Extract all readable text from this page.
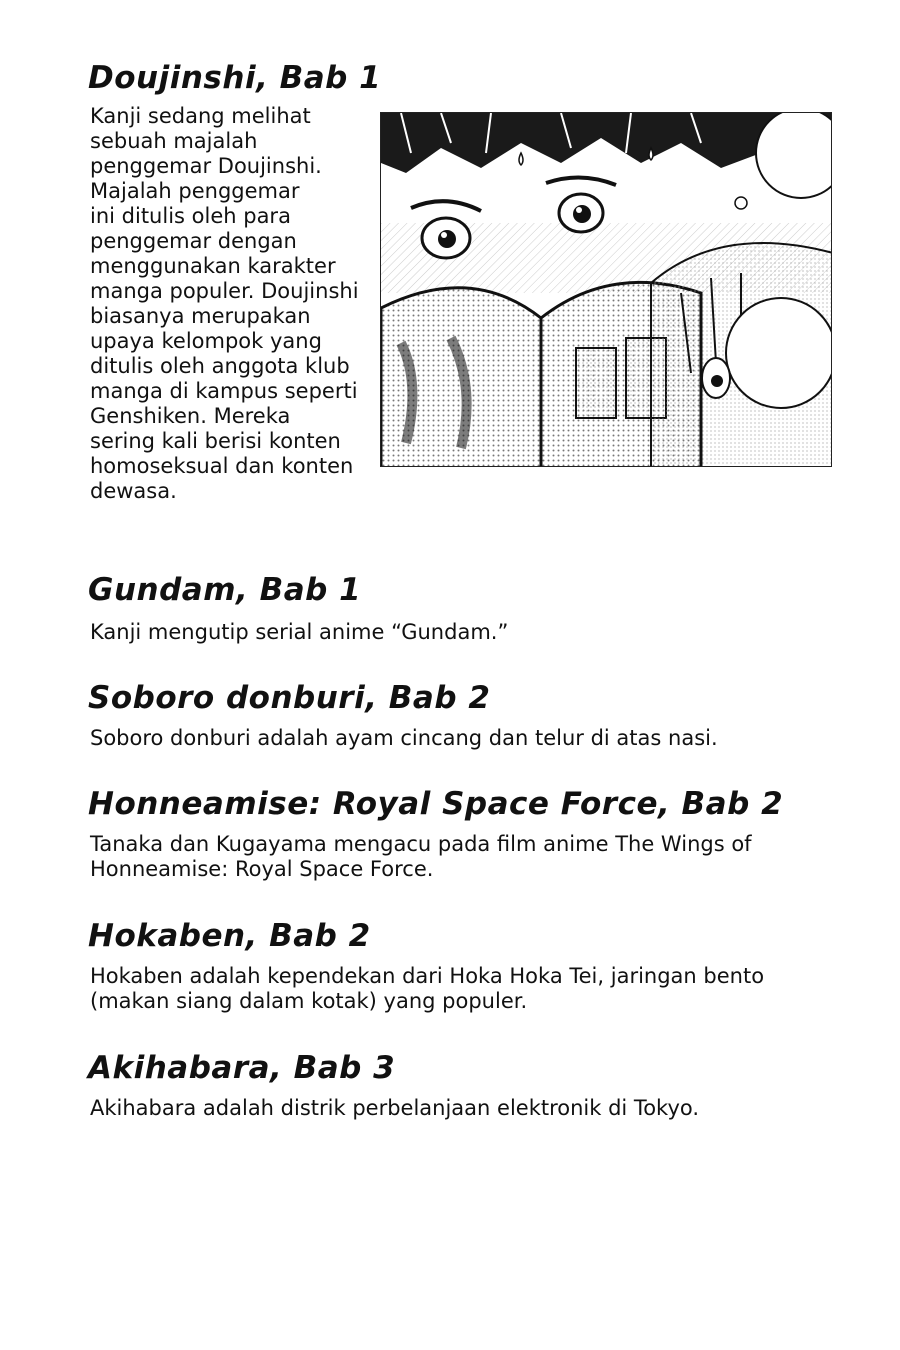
Doujinshi, Bab 1
Kanji sedang melihat
sebuah majalah
penggemar Doujinshi.
Majalah penggemar
ini ditulis oleh para
penggemar dengan
menggunakan karakter
manga populer. Doujinshi
biasanya merupakan
upaya kelompok yang
ditulis oleh anggota klub
manga di kampus seperti
Genshiken. Mereka
sering kali berisi konten
homoseksual dan konten
dewasa.
Gundam, Bab 1
Kanji mengutip serial anime “Gundam.”
Soboro donburi, Bab 2
Soboro donburi adalah ayam cincang dan telur di atas nasi.
Honneamise: Royal Space Force, Bab 2
Tanaka dan Kugayama mengacu pada film anime The Wings of
Honneamise: Royal Space Force.
Hokaben, Bab 2
Hokaben adalah kependekan dari Hoka Hoka Tei, jaringan bento
(makan siang dalam kotak) yang populer.
Akihabara, Bab 3
Akihabara adalah distrik perbelanjaan elektronik di Tokyo.
